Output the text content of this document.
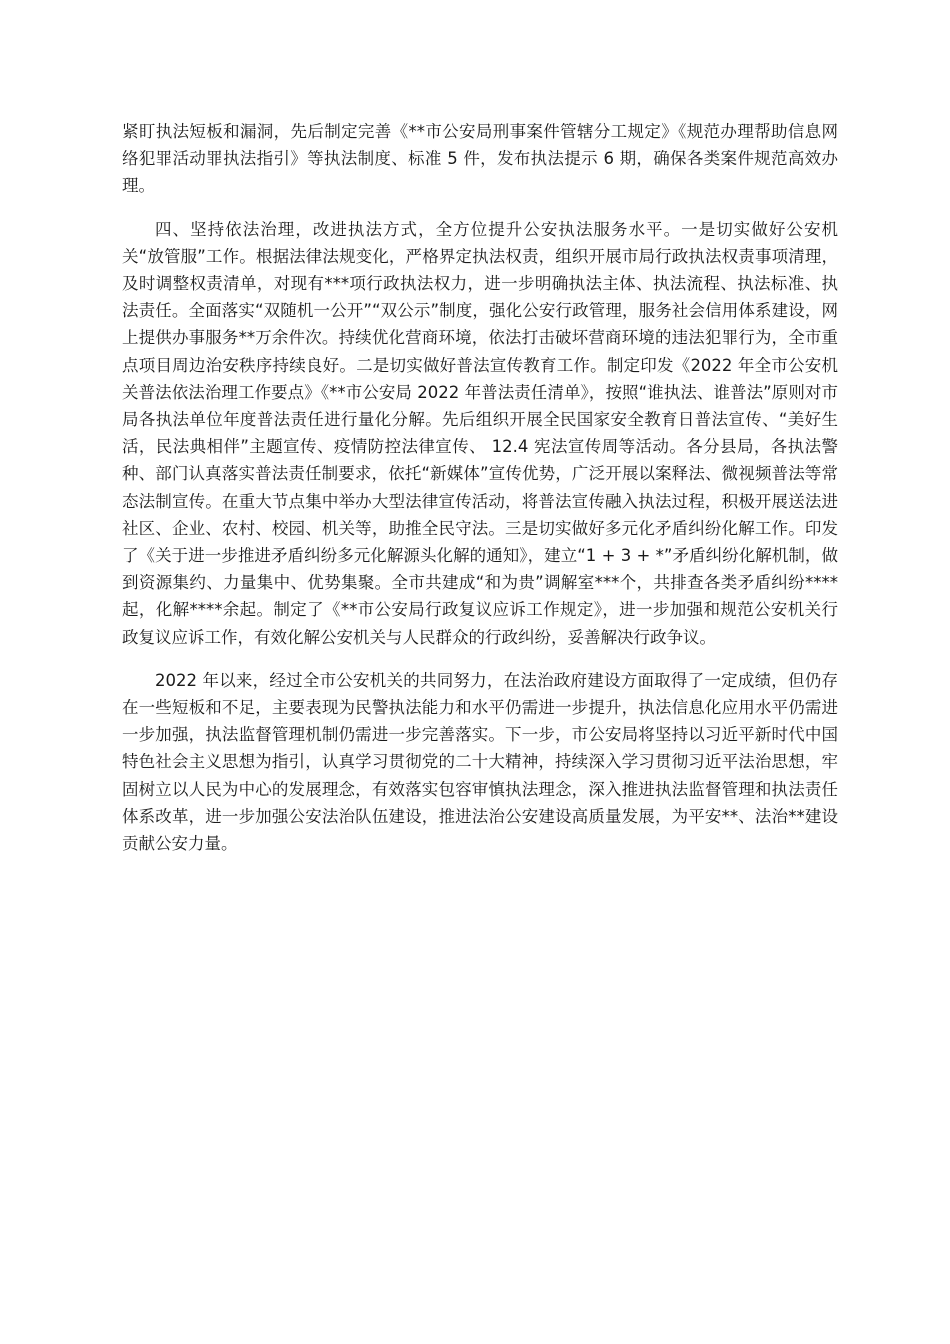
紧盯执法短板和漏洞，先后制定完善《**市公安局刑事案件管辖分工规定》《规范办理帮助信息网络犯罪活动罪执法指引》等执法制度、标准 5 件，发布执法提示 6 期，确保各类案件规范高效办理。

四、坚持依法治理，改进执法方式，全方位提升公安执法服务水平。一是切实做好公安机关“放管服”工作。根据法律法规变化，严格界定执法权责，组织开展市局行政执法权责事项清理，及时调整权责清单，对现有***项行政执法权力，进一步明确执法主体、执法流程、执法标准、执法责任。全面落实“双随机一公开”“双公示”制度，强化公安行政管理，服务社会信用体系建设，网上提供办事服务**万余件次。持续优化营商环境，依法打击破坏营商环境的违法犯罪行为，全市重点项目周边治安秩序持续良好。二是切实做好普法宣传教育工作。制定印发《2022 年全市公安机关普法依法治理工作要点》《**市公安局 2022 年普法责任清单》，按照“谁执法、谁普法”原则对市局各执法单位年度普法责任进行量化分解。先后组织开展全民国家安全教育日普法宣传、“美好生活，民法典相伴”主题宣传、疫情防控法律宣传、 12.4 宪法宣传周等活动。各分县局，各执法警种、部门认真落实普法责任制要求，依托“新媒体”宣传优势，广泛开展以案释法、微视频普法等常态法制宣传。在重大节点集中举办大型法律宣传活动，将普法宣传融入执法过程，积极开展送法进社区、企业、农村、校园、机关等，助推全民守法。三是切实做好多元化矛盾纠纷化解工作。印发了《关于进一步推进矛盾纠纷多元化解源头化解的通知》，建立“1 + 3 + *”矛盾纠纷化解机制，做到资源集约、力量集中、优势集聚。全市共建成“和为贵”调解室***个，共排查各类矛盾纠纷****起，化解****余起。制定了《**市公安局行政复议应诉工作规定》，进一步加强和规范公安机关行政复议应诉工作，有效化解公安机关与人民群众的行政纠纷，妥善解决行政争议。

2022 年以来，经过全市公安机关的共同努力，在法治政府建设方面取得了一定成绩，但仍存在一些短板和不足，主要表现为民警执法能力和水平仍需进一步提升，执法信息化应用水平仍需进一步加强，执法监督管理机制仍需进一步完善落实。下一步，市公安局将坚持以习近平新时代中国特色社会主义思想为指引，认真学习贯彻党的二十大精神，持续深入学习贯彻习近平法治思想，牢固树立以人民为中心的发展理念，有效落实包容审慎执法理念，深入推进执法监督管理和执法责任体系改革，进一步加强公安法治队伍建设，推进法治公安建设高质量发展，为平安**、法治**建设贡献公安力量。
